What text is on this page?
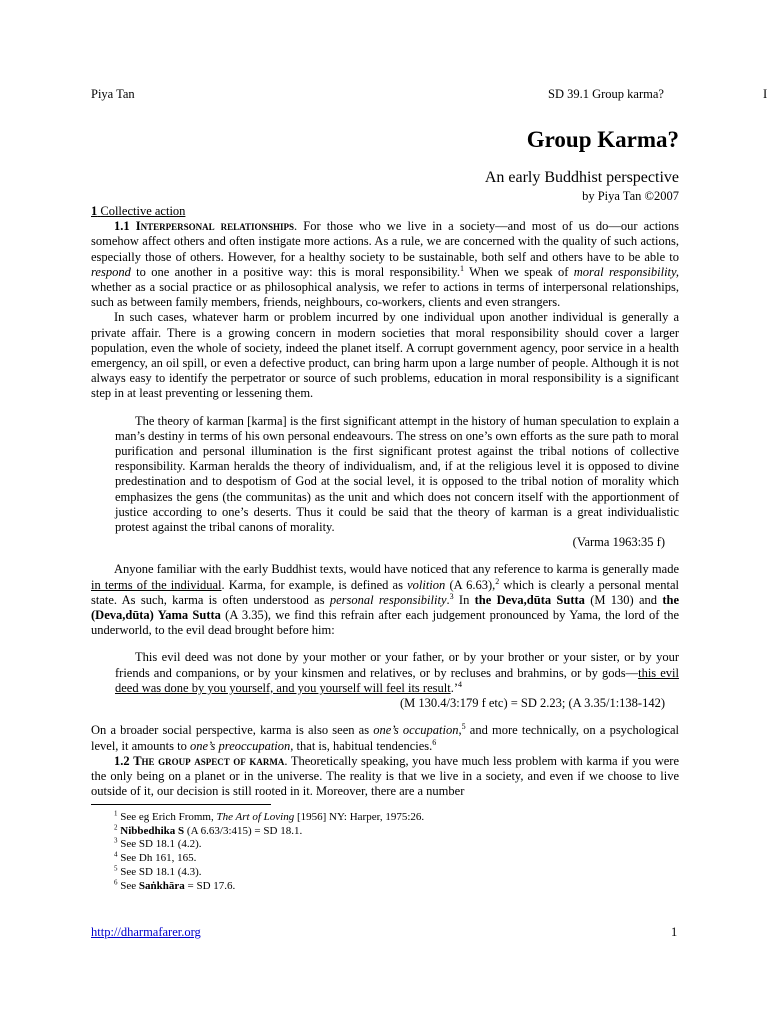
Piya Tan	SD 39.1 Group karma?	I
Group Karma?
An early Buddhist perspective
by Piya Tan ©2007
1 Collective action

1.1 Interpersonal relationships. For those who we live in a society—and most of us do—our actions somehow affect others and often instigate more actions. As a rule, we are concerned with the quality of such actions, especially those of others. However, for a healthy society to be sustainable, both self and others have to be able to respond to one another in a positive way: this is moral responsibility.$^1$ When we speak of moral responsibility, whether as a social practice or as philosophical analysis, we refer to actions in terms of interpersonal relationships, such as between family members, friends, neighbours, co-workers, clients and even strangers.

In such cases, whatever harm or problem incurred by one individual upon another individual is generally a private affair. There is a growing concern in modern societies that moral responsibility should cover a larger population, even the whole of society, indeed the planet itself. A corrupt government agency, poor service in a health emergency, an oil spill, or even a defective product, can bring harm upon a large number of people. Although it is not always easy to identify the perpetrator or source of such problems, education in moral responsibility is a significant step in at least preventing or lessening them.

The theory of karman [karma] is the first significant attempt in the history of human speculation to explain a man’s destiny in terms of his own personal endeavours. The stress on one’s own efforts as the sure path to moral purification and personal illumination is the first significant protest against the tribal notions of collective responsibility. Karman heralds the theory of individualism, and, if at the religious level it is opposed to divine predestination and to despotism of God at the social level, it is opposed to the tribal notion of morality which emphasizes the gens (the communitas) as the unit and which does not concern itself with the apportionment of justice according to one’s deserts. Thus it could be said that the theory of karman is a great individualistic protest against the tribal canons of morality.

(Varma 1963:35 f)

Anyone familiar with the early Buddhist texts, would have noticed that any reference to karma is generally made in terms of the individual. Karma, for example, is defined as volition (A 6.63),$^2$ which is clearly a personal mental state. As such, karma is often understood as personal responsibility.$^3$ In the Deva,dūta Sutta (M 130) and the (Deva,dūta) Yama Sutta (A 3.35), we find this refrain after each judgement pronounced by Yama, the lord of the underworld, to the evil dead brought before him:

This evil deed was not done by your mother or your father, or by your brother or your sister, or by your friends and companions, or by your kinsmen and relatives, or by recluses and brahmins, or by gods—this evil deed was done by you yourself, and you yourself will feel its result.’$^4$

(M 130.4/3:179 f etc) = SD 2.23; (A 3.35/1:138-142)

On a broader social perspective, karma is also seen as one’s occupation,$^5$ and more technically, on a psychological level, it amounts to one’s preoccupation, that is, habitual tendencies.$^6$

1.2 The group aspect of karma. Theoretically speaking, you have much less problem with karma if you were the only being on a planet or in the universe. The reality is that we live in a society, and even if we choose to live outside of it, our decision is still rooted in it. Moreover, there are a number

$^1$ See eg Erich Fromm, The Art of Loving [1956] NY: Harper, 1975:26.
$^2$ Nibbedhika S (A 6.63/3:415) = SD 18.1.
$^3$ See SD 18.1 (4.2).
$^4$ See Dh 161, 165.
$^5$ See SD 18.1 (4.3).
$^6$ See Saṅkhāra = SD 17.6.
http://dharmafarer.org	1
